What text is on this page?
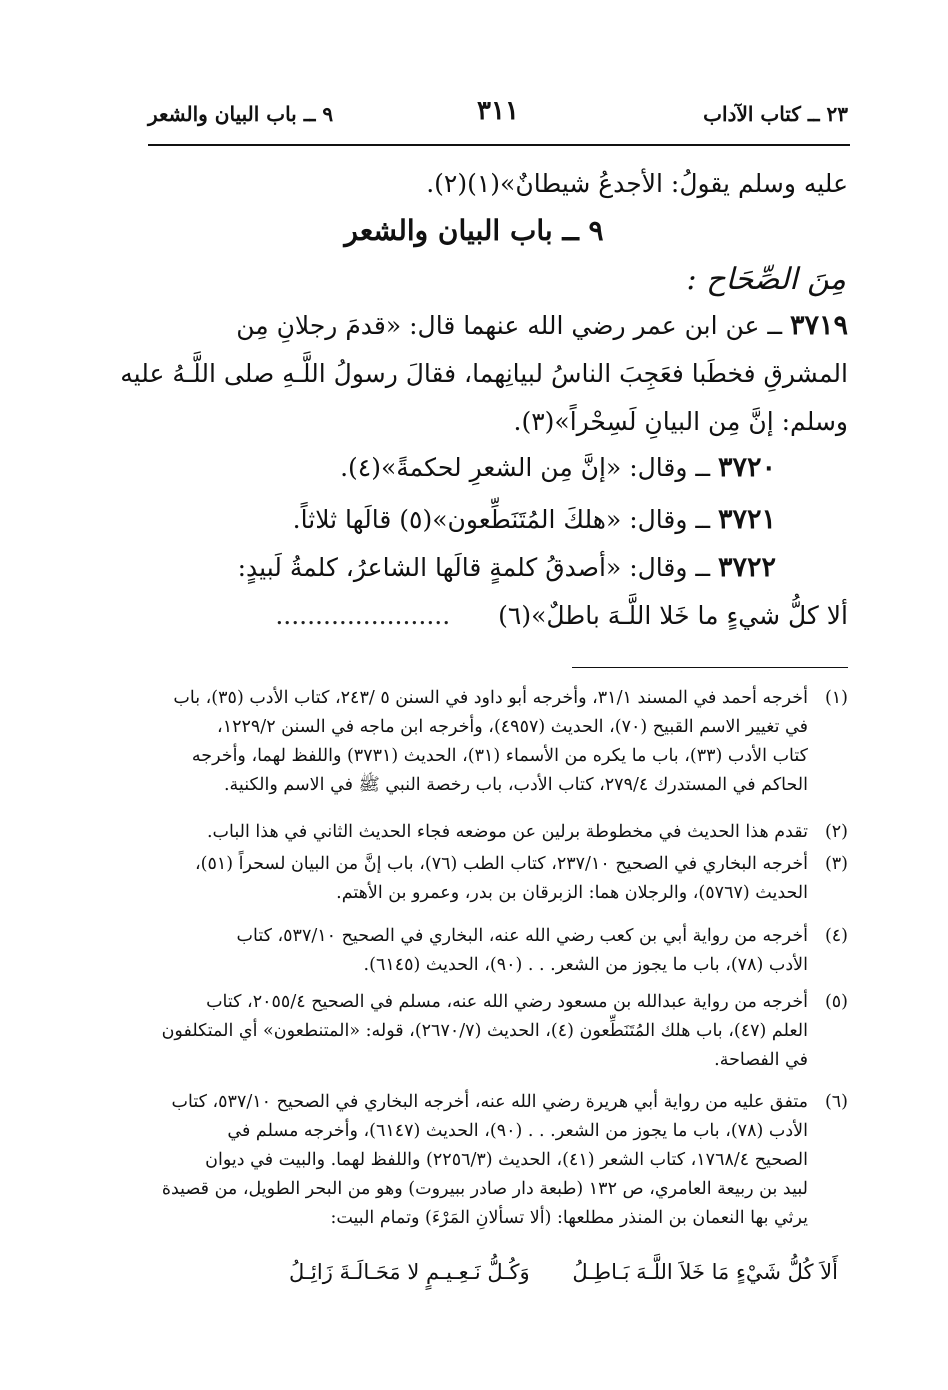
٢٣ ــ كتاب الآداب
٣١١
٩ ــ باب البيان والشعر
عليه وسلم يقولُ: الأجدعُ شيطانٌ»(١)(٢).
٩ ــ باب البيان والشعر
مِنَ الصِّحَاح :
٣٧١٩ ــ عن ابن عمر رضي الله عنهما قال: «قدمَ رجلانِ مِن
المشرقِ فخطَبا فعَجِبَ الناسُ لبيانِهما، فقالَ رسولُ اللَّـهِ صلى اللَّـهُ عليه
وسلم: إنَّ مِن البيانِ لَسِحْراً»(٣).
٣٧٢٠ ــ وقال: «إنَّ مِن الشعرِ لحكمةً»(٤).
٣٧٢١ ــ وقال: «هلكَ المُتَنَطِّعون»(٥) قالَها ثلاثاً.
٣٧٢٢ ــ وقال: «أصدقُ كلمةٍ قالَها الشاعرُ، كلمةُ لَبيدٍ:
ألا كلُّ شيءٍ ما خَلا اللَّـهَ باطلٌ»(٦) ......................
(١)أخرجه أحمد في المسند ٣١/١، وأخرجه أبو داود في السنن ٥ /٢٤٣، كتاب الأدب (٣٥)، باب
في تغيير الاسم القبيح (٧٠)، الحديث (٤٩٥٧)، وأخرجه ابن ماجه في السنن ١٢٢٩/٢،
كتاب الأدب (٣٣)، باب ما يكره من الأسماء (٣١)، الحديث (٣٧٣١) واللفظ لهما، وأخرجه
الحاكم في المستدرك ٢٧٩/٤، كتاب الأدب، باب رخصة النبي ﷺ في الاسم والكنية.
(٢)تقدم هذا الحديث في مخطوطة برلين عن موضعه فجاء الحديث الثاني في هذا الباب.
(٣)أخرجه البخاري في الصحيح ٢٣٧/١٠، كتاب الطب (٧٦)، باب إنَّ من البيان لسحراً (٥١)،
الحديث (٥٧٦٧)، والرجلان هما: الزبرقان بن بدر، وعمرو بن الأهتم.
(٤)أخرجه من رواية أبي بن كعب رضي الله عنه، البخاري في الصحيح ٥٣٧/١٠، كتاب
الأدب (٧٨)، باب ما يجوز من الشعر. . . (٩٠)، الحديث (٦١٤٥).
(٥)أخرجه من رواية عبدالله بن مسعود رضي الله عنه، مسلم في الصحيح ٢٠٥٥/٤، كتاب
العلم (٤٧)، باب هلك المُتَنَطِّعون (٤)، الحديث (٢٦٧٠/٧)، قوله: «المتنطعون» أي المتكلفون
في الفصاحة.
(٦)متفق عليه من رواية أبي هريرة رضي الله عنه، أخرجه البخاري في الصحيح ٥٣٧/١٠، كتاب
الأدب (٧٨)، باب ما يجوز من الشعر. . . (٩٠)، الحديث (٦١٤٧)، وأخرجه مسلم في
الصحيح ١٧٦٨/٤، كتاب الشعر (٤١)، الحديث (٢٢٥٦/٣) واللفظ لهما. والبيت في ديوان
لبيد بن ربيعة العامري، ص ١٣٢ (طبعة دار صادر ببيروت) وهو من البحر الطويل، من قصيدة
يرثي بها النعمان بن المنذر مطلعها: (ألا تسألانِ المَرْءَ) وتمام البيت:
أَلاَ كُلُّ شَيْءٍ مَا خَلاَ اللَّـهَ بَـاطِـلُ وَكُـلُّ نَـعِـيـمٍ لا مَحَـالَـةَ زَائِـلُ
